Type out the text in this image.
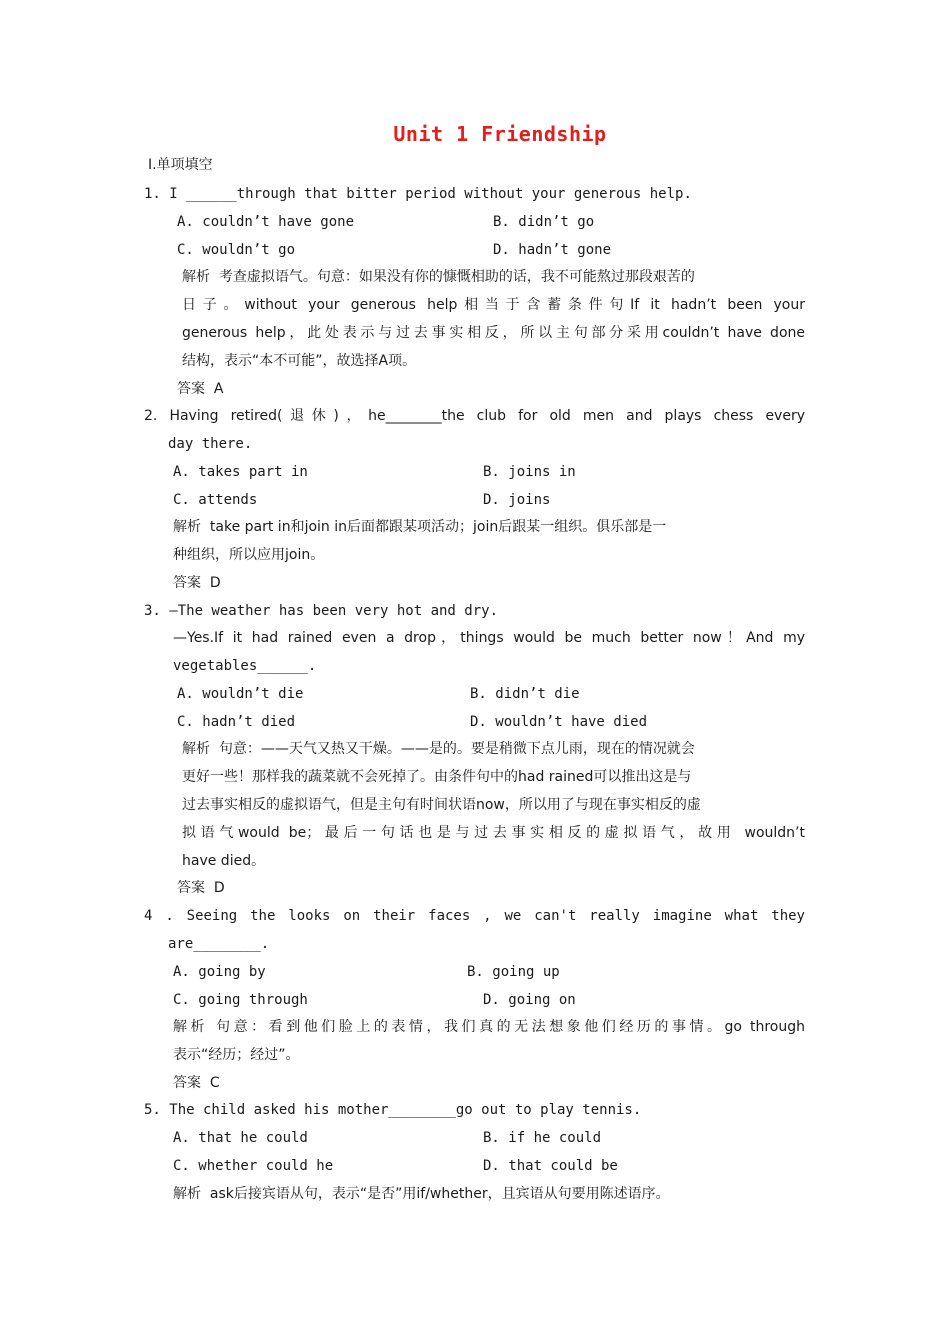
Unit 1 Friendship
Ⅰ.单项填空
1. I ______through that bitter period without your generous help.
A. couldn’t have gone	B. didn’t go
C. wouldn’t go	D. hadn’t gone
解析  考查虚拟语气。句意：如果没有你的慷慨相助的话，我不可能熬过那段艰苦的
日子。without your generous help相当于含蓄条件句If it hadn’t been your
generous help，此处表示与过去事实相反，所以主句部分采用couldn’t have done
结构，表示“本不可能”，故选择A项。
答案  A
2. Having retired(退休)，he________the club for old men and plays chess every
day there.
A. takes part in	B. joins in
C. attends	D. joins
解析  take part in和join in后面都跟某项活动；join后跟某一组织。俱乐部是一
种组织，所以应用join。
答案  D
3. —The weather has been very hot and dry.
—Yes.If it had rained even a drop，things would be much better now！And my
vegetables______.
A. wouldn’t die	B. didn’t die
C. hadn’t died	D. wouldn’t have died
解析  句意：——天气又热又干燥。——是的。要是稍微下点儿雨，现在的情况就会
更好一些！那样我的蔬菜就不会死掉了。由条件句中的had rained可以推出这是与
过去事实相反的虚拟语气，但是主句有时间状语now，所以用了与现在事实相反的虚
拟语气would be；最后一句话也是与过去事实相反的虚拟语气，故用 wouldn’t
have died。
答案  D
4 . Seeing the looks on their faces , we can't really imagine what they
are________.
A. going by	B. going up
C. going through	D. going on
解析 句意：看到他们脸上的表情，我们真的无法想象他们经历的事情。go through
表示“经历；经过”。
答案  C
5. The child asked his mother________go out to play tennis.
A. that he could	B. if he could
C. whether could he	D. that could be
解析  ask后接宾语从句，表示“是否”用if/whether，且宾语从句要用陈述语序。
